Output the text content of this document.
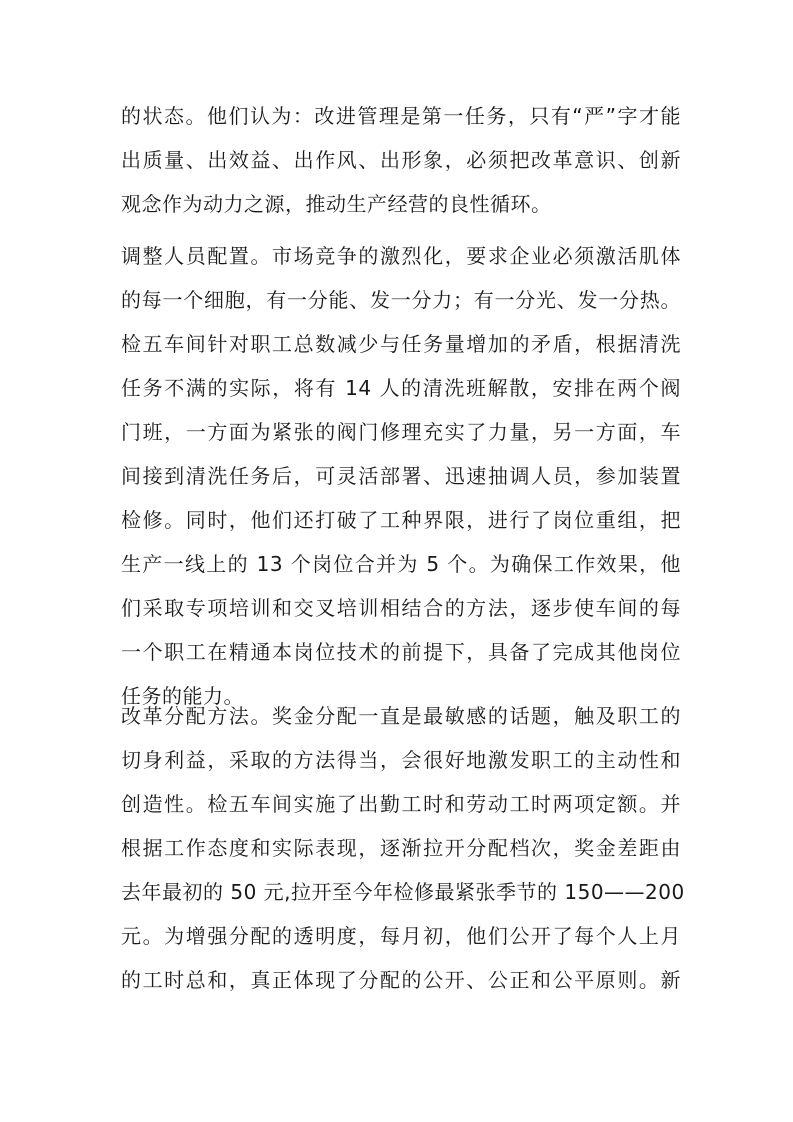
的状态。他们认为：改进管理是第一任务，只有“严”字才能
出质量、出效益、出作风、出形象，必须把改革意识、创新
观念作为动力之源，推动生产经营的良性循环。
调整人员配置。市场竞争的激烈化，要求企业必须激活肌体
的每一个细胞，有一分能、发一分力；有一分光、发一分热。
检五车间针对职工总数减少与任务量增加的矛盾，根据清洗
任务不满的实际，将有 14 人的清洗班解散，安排在两个阀
门班，一方面为紧张的阀门修理充实了力量，另一方面，车
间接到清洗任务后，可灵活部署、迅速抽调人员，参加装置
检修。同时，他们还打破了工种界限，进行了岗位重组，把
生产一线上的 13 个岗位合并为 5 个。为确保工作效果，他
们采取专项培训和交叉培训相结合的方法，逐步使车间的每
一个职工在精通本岗位技术的前提下，具备了完成其他岗位
任务的能力。
改革分配方法。奖金分配一直是最敏感的话题，触及职工的
切身利益，采取的方法得当，会很好地激发职工的主动性和
创造性。检五车间实施了出勤工时和劳动工时两项定额。并
根据工作态度和实际表现，逐渐拉开分配档次，奖金差距由
去年最初的 50 元,拉开至今年检修最紧张季节的 150——200
元。为增强分配的透明度，每月初，他们公开了每个人上月
的工时总和，真正体现了分配的公开、公正和公平原则。新
